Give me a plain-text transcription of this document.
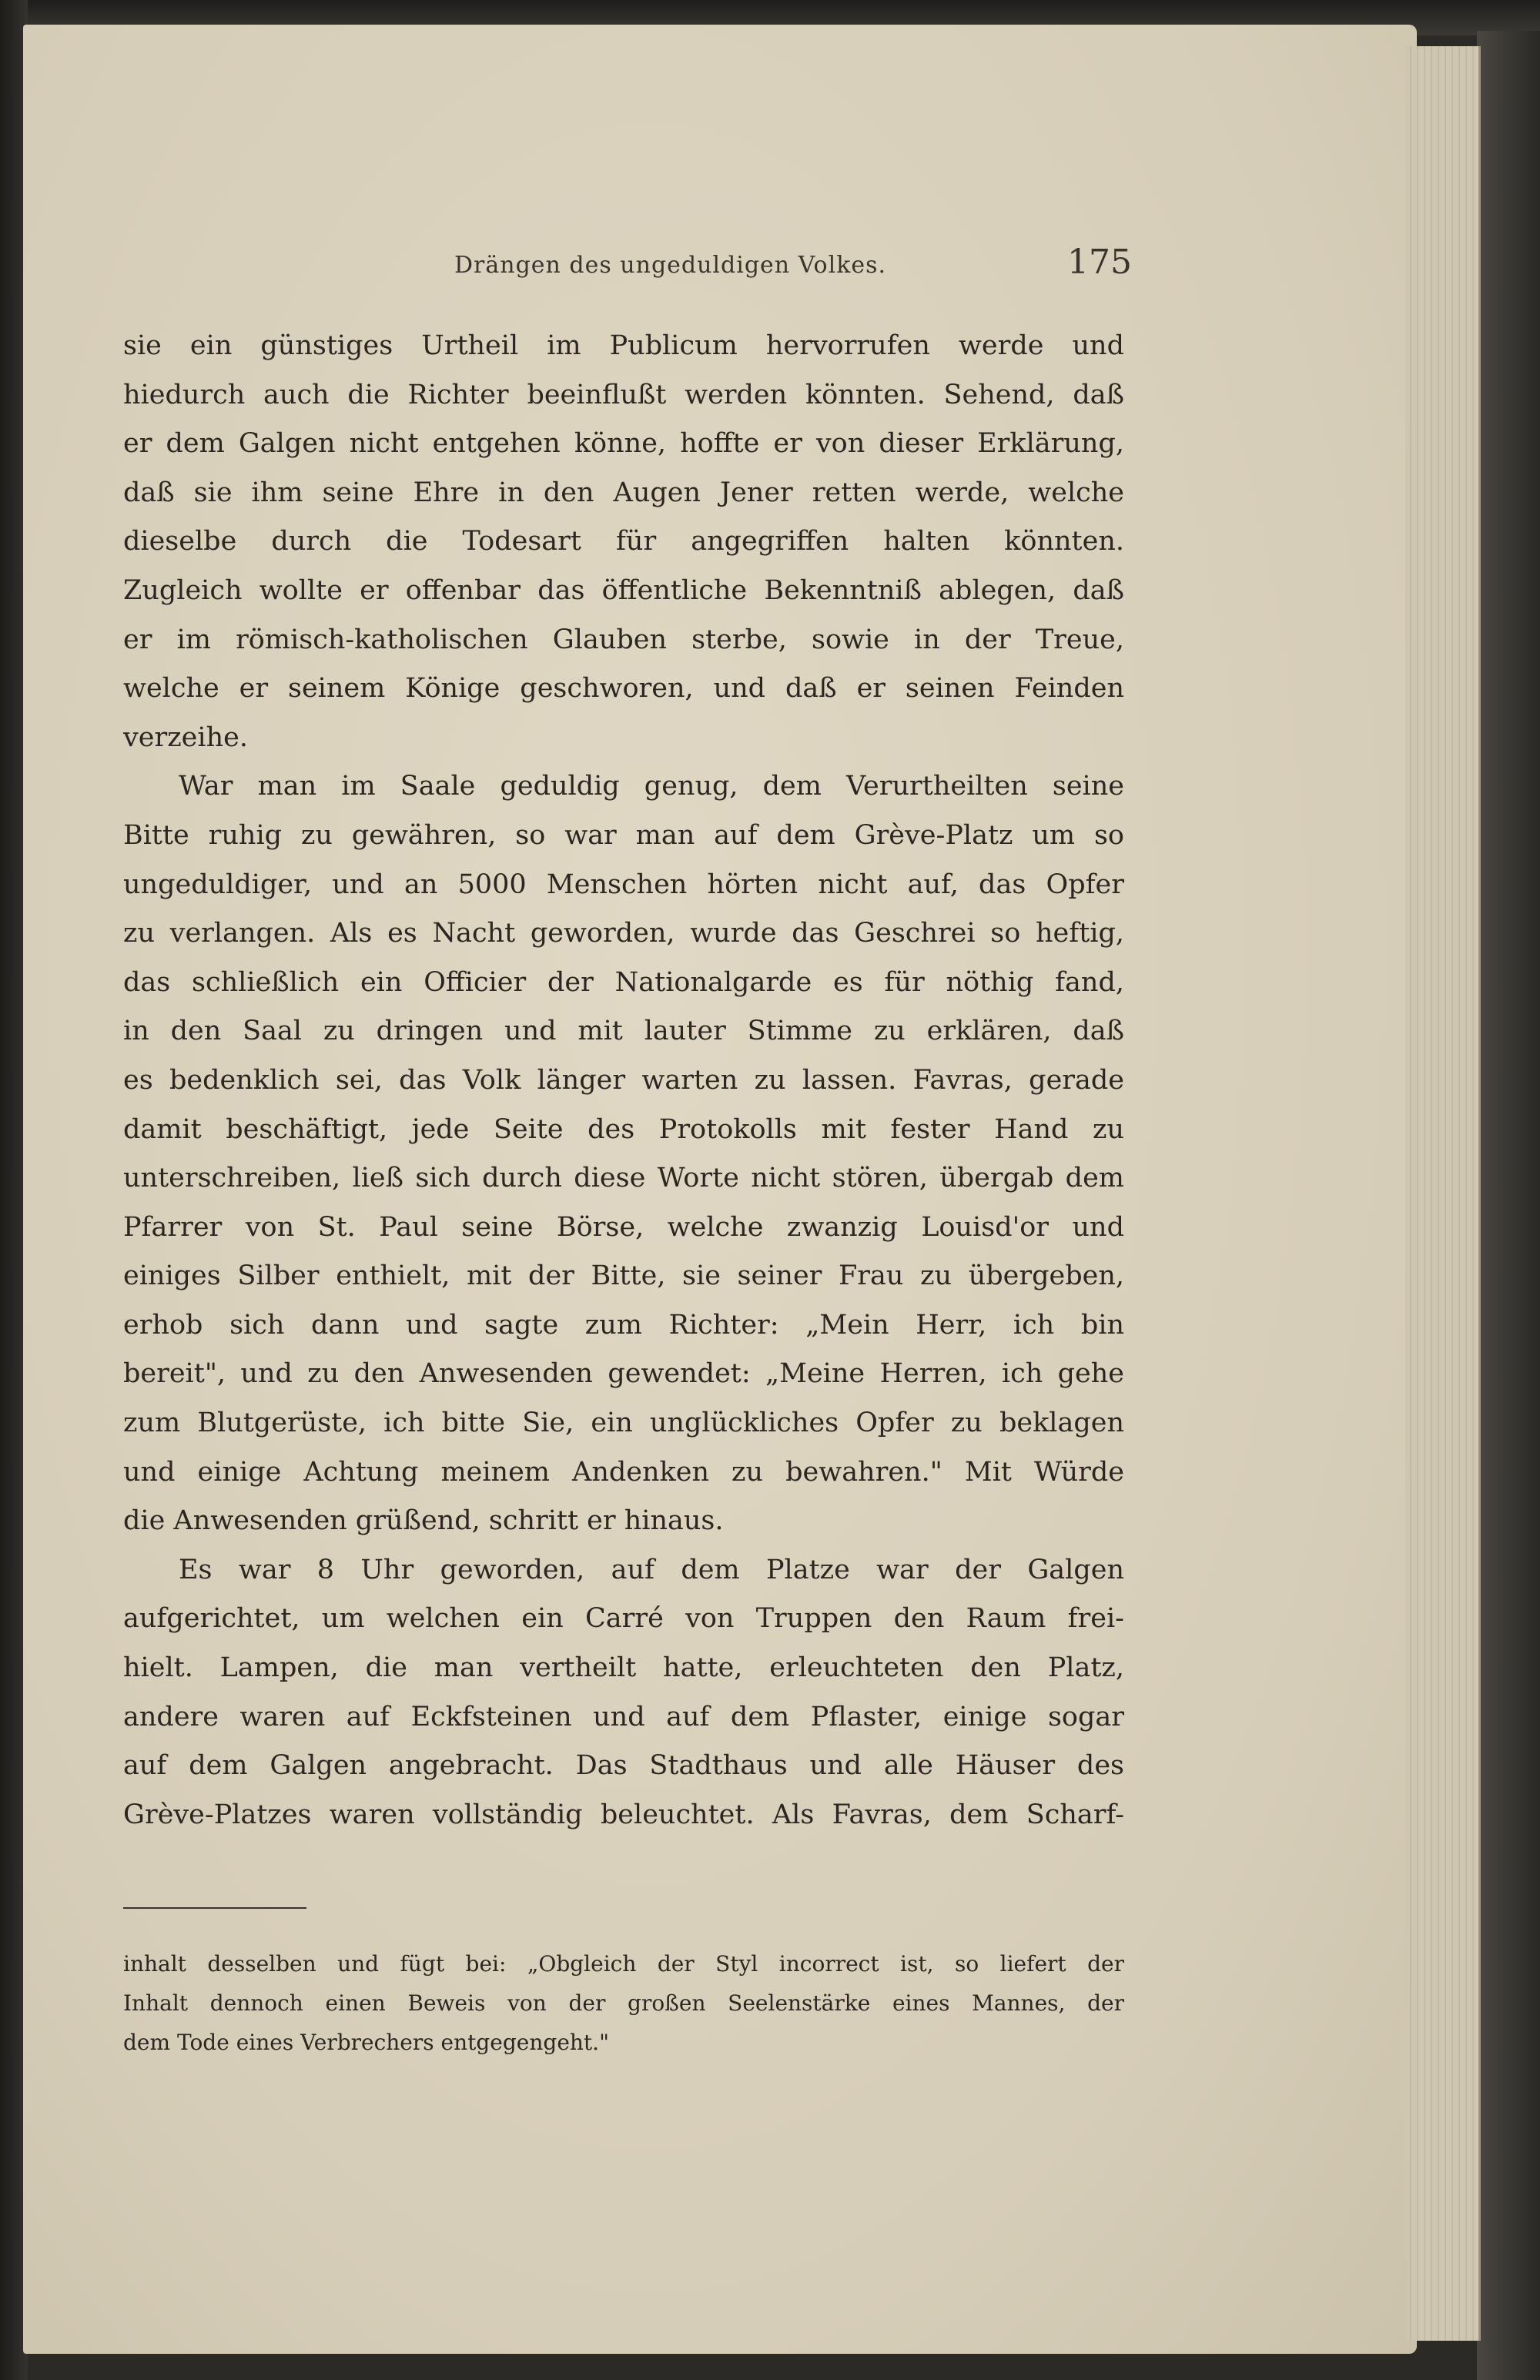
Drängen des ungeduldigen Volkes.	175
sie ein günstiges Urtheil im Publicum hervorrufen werde und
hiedurch auch die Richter beeinflußt werden könnten. Sehend, daß
er dem Galgen nicht entgehen könne, hoffte er von dieser Erklärung,
daß sie ihm seine Ehre in den Augen Jener retten werde, welche
dieselbe durch die Todesart für angegriffen halten könnten.
Zugleich wollte er offenbar das öffentliche Bekenntniß ablegen, daß
er im römisch-katholischen Glauben sterbe, sowie in der Treue,
welche er seinem Könige geschworen, und daß er seinen Feinden
verzeihe.
War man im Saale geduldig genug, dem Verurtheilten seine
Bitte ruhig zu gewähren, so war man auf dem Grève-Platz um so
ungeduldiger, und an 5000 Menschen hörten nicht auf, das Opfer
zu verlangen. Als es Nacht geworden, wurde das Geschrei so heftig,
das schließlich ein Officier der Nationalgarde es für nöthig fand,
in den Saal zu dringen und mit lauter Stimme zu erklären, daß
es bedenklich sei, das Volk länger warten zu lassen. Favras, gerade
damit beschäftigt, jede Seite des Protokolls mit fester Hand zu
unterschreiben, ließ sich durch diese Worte nicht stören, übergab dem
Pfarrer von St. Paul seine Börse, welche zwanzig Louisd'or und
einiges Silber enthielt, mit der Bitte, sie seiner Frau zu übergeben,
erhob sich dann und sagte zum Richter: „Mein Herr, ich bin
bereit", und zu den Anwesenden gewendet: „Meine Herren, ich gehe
zum Blutgerüste, ich bitte Sie, ein unglückliches Opfer zu beklagen
und einige Achtung meinem Andenken zu bewahren." Mit Würde
die Anwesenden grüßend, schritt er hinaus.
Es war 8 Uhr geworden, auf dem Platze war der Galgen
aufgerichtet, um welchen ein Carré von Truppen den Raum frei-
hielt. Lampen, die man vertheilt hatte, erleuchteten den Platz,
andere waren auf Eckfsteinen und auf dem Pflaster, einige sogar
auf dem Galgen angebracht. Das Stadthaus und alle Häuser des
Grève-Platzes waren vollständig beleuchtet. Als Favras, dem Scharf-
inhalt desselben und fügt bei: „Obgleich der Styl incorrect ist, so liefert der
Inhalt dennoch einen Beweis von der großen Seelenstärke eines Mannes, der
dem Tode eines Verbrechers entgegengeht."
